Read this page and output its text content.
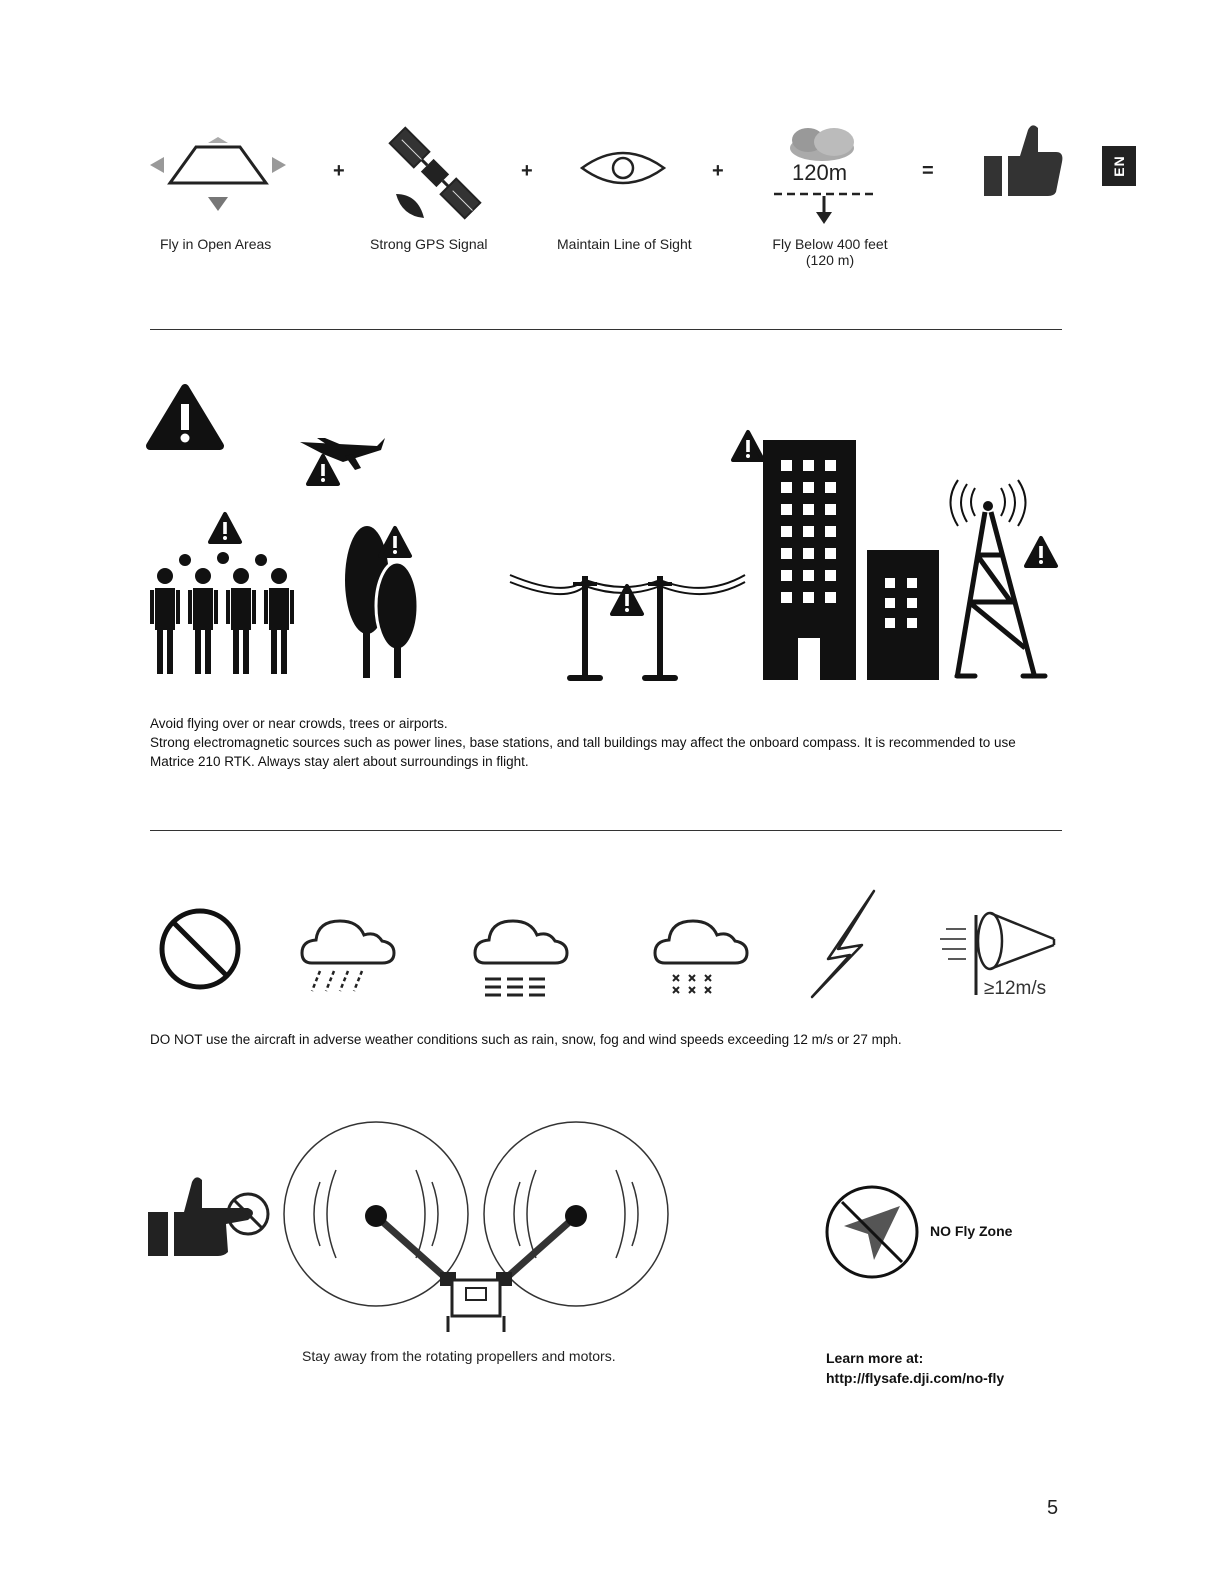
EN
+	+	+	120m	=
Fly in Open Areas	Strong GPS Signal	Maintain Line of Sight	Fly Below 400 feet
(120 m)
Avoid flying over or near crowds, trees or airports.
Strong electromagnetic sources such as power lines, base stations, and tall buildings may affect the onboard compass. It is recommended to use
Matrice 210 RTK. Always stay alert about surroundings in flight.
≥12m/s
DO NOT use the aircraft in adverse weather conditions such as rain, snow, fog and wind speeds exceeding 12 m/s or 27 mph.
Stay away from the rotating propellers and motors.
NO Fly Zone
Learn more at:
http://flysafe.dji.com/no-fly
5
